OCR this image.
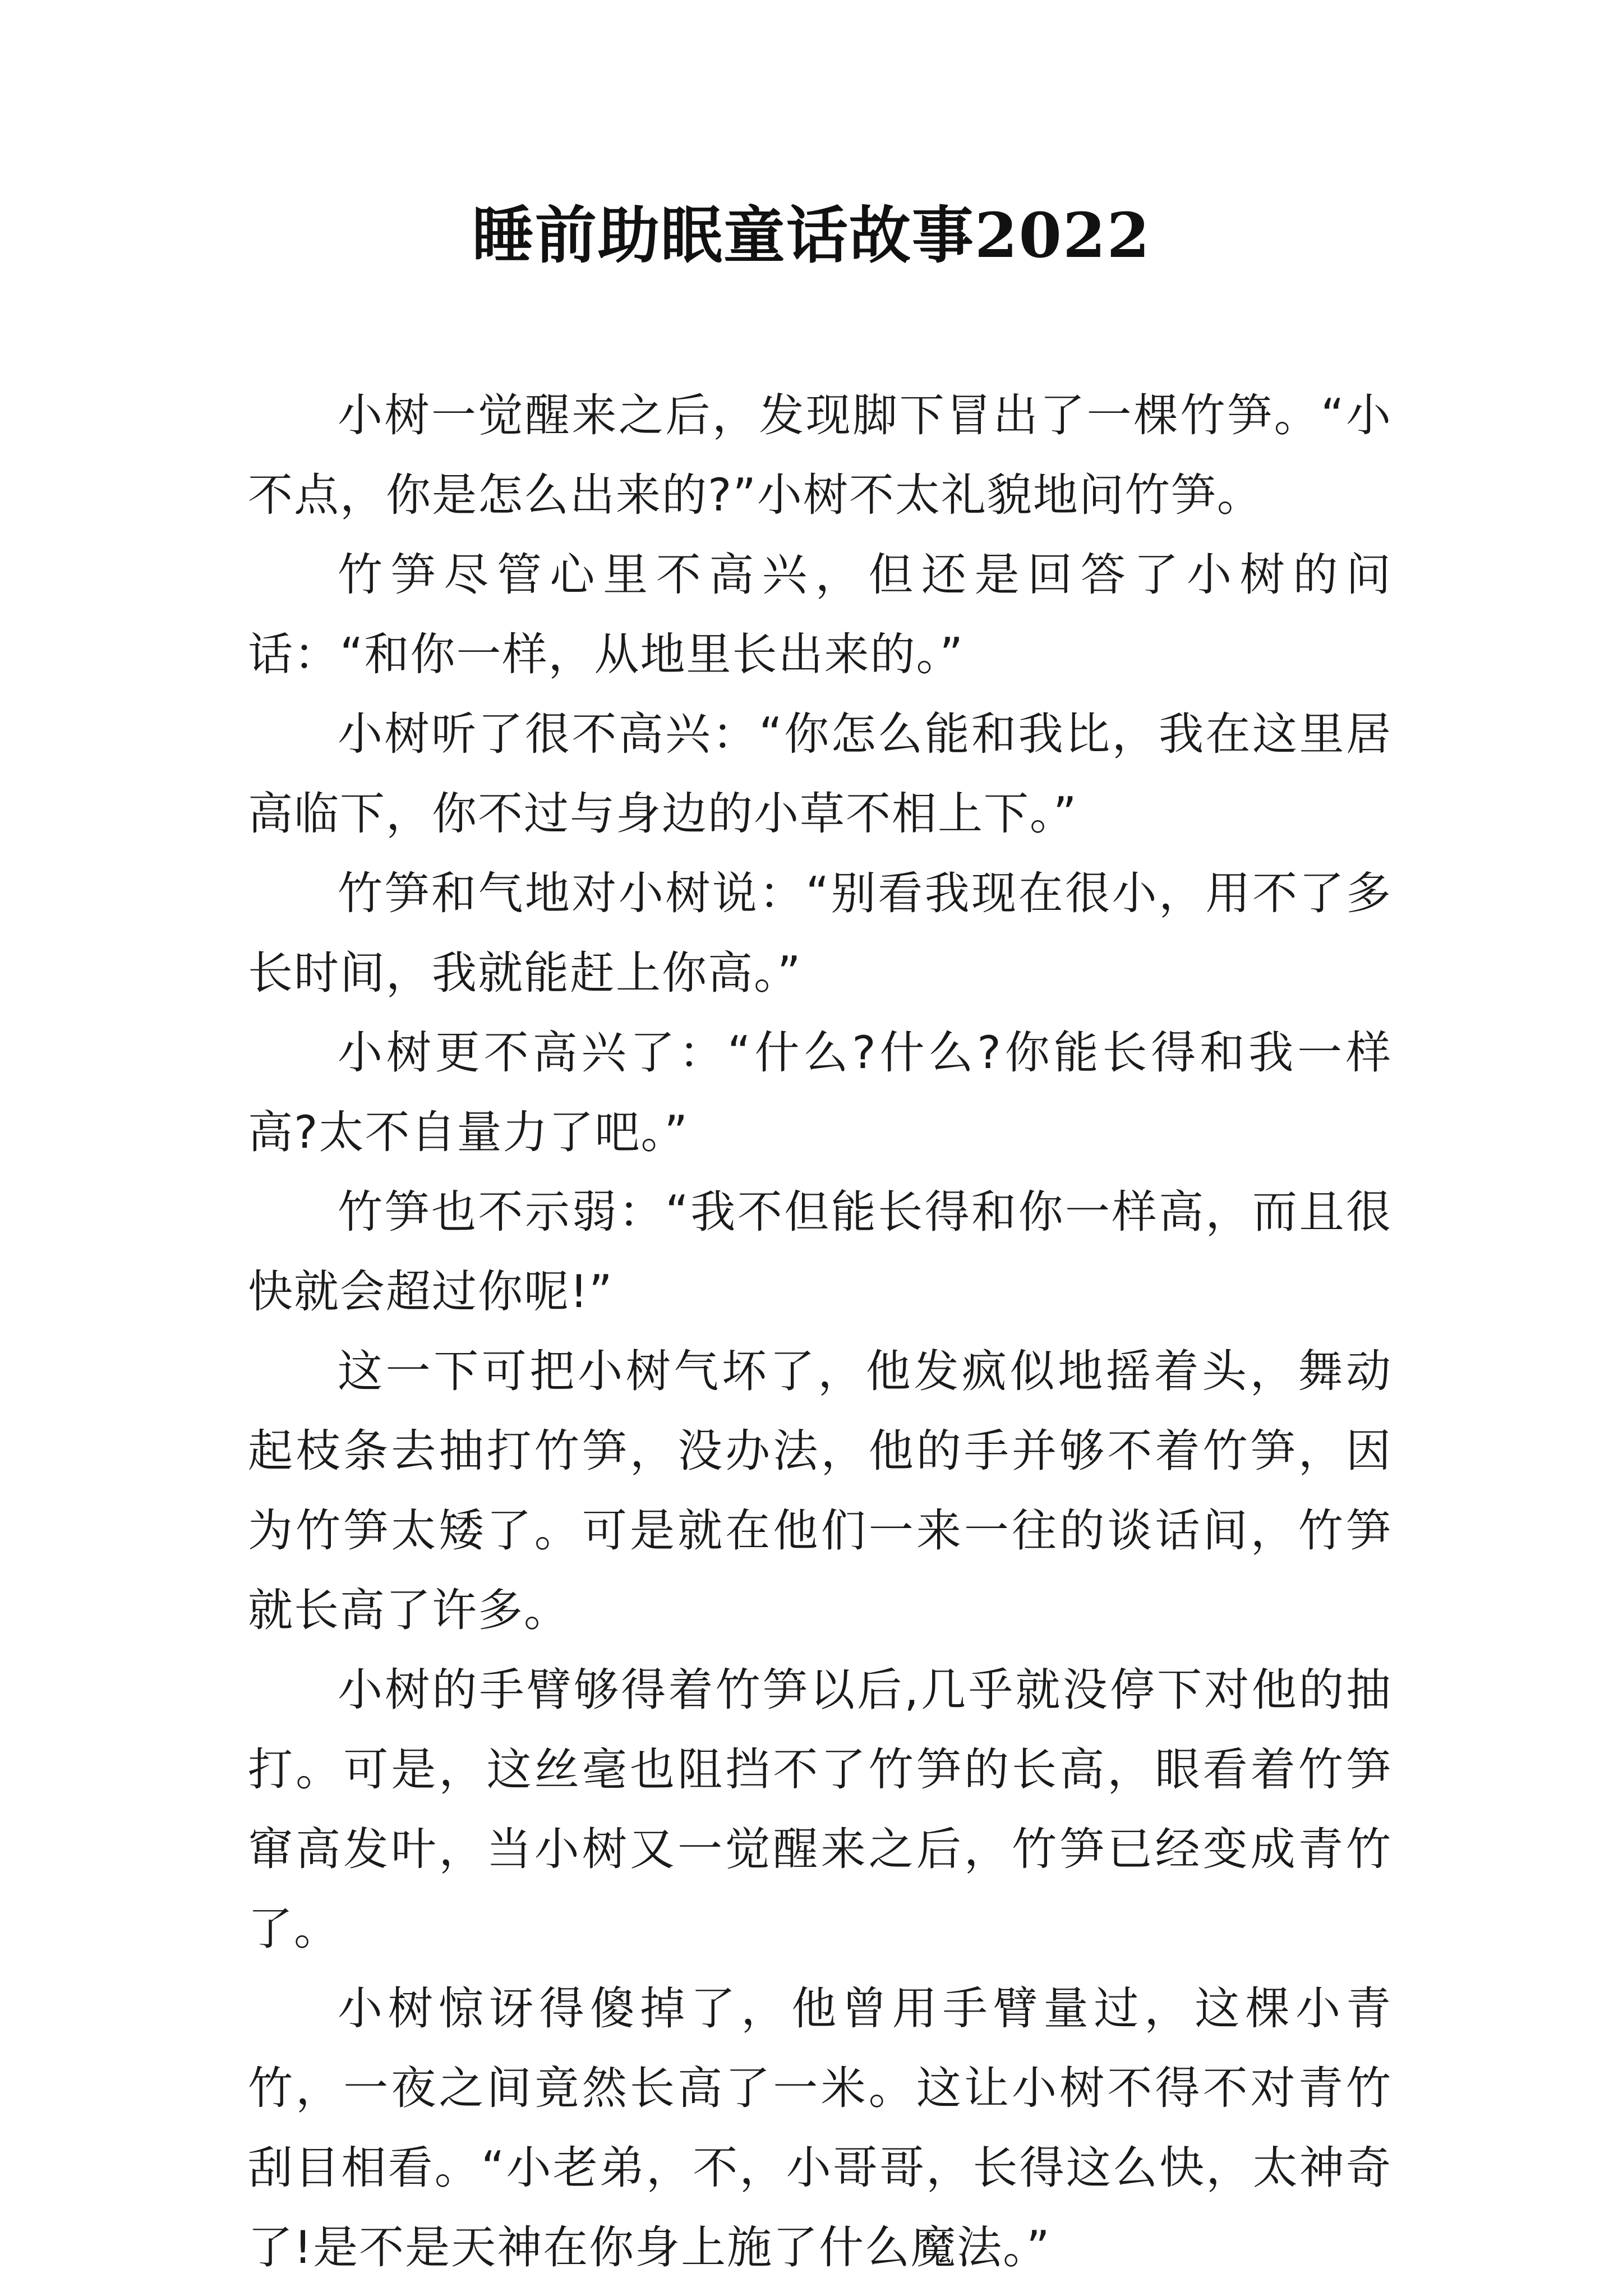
睡前助眠童话故事2022

小树一觉醒来之后，发现脚下冒出了一棵竹笋。“小不点，你是怎么出来的?”小树不太礼貌地问竹笋。

竹笋尽管心里不高兴，但还是回答了小树的问话：“和你一样，从地里长出来的。”

小树听了很不高兴：“你怎么能和我比，我在这里居高临下，你不过与身边的小草不相上下。”

竹笋和气地对小树说：“别看我现在很小，用不了多长时间，我就能赶上你高。”

小树更不高兴了：“什么?什么?你能长得和我一样高?太不自量力了吧。”

竹笋也不示弱：“我不但能长得和你一样高，而且很快就会超过你呢!”

这一下可把小树气坏了，他发疯似地摇着头，舞动起枝条去抽打竹笋，没办法，他的手并够不着竹笋，因为竹笋太矮了。可是就在他们一来一往的谈话间，竹笋就长高了许多。

小树的手臂够得着竹笋以后,几乎就没停下对他的抽打。可是，这丝毫也阻挡不了竹笋的长高，眼看着竹笋窜高发叶，当小树又一觉醒来之后，竹笋已经变成青竹了。

小树惊讶得傻掉了，他曾用手臂量过，这棵小青竹，一夜之间竟然长高了一米。这让小树不得不对青竹刮目相看。“小老弟，不，小哥哥，长得这么快，太神奇了!是不是天神在你身上施了什么魔法。”
